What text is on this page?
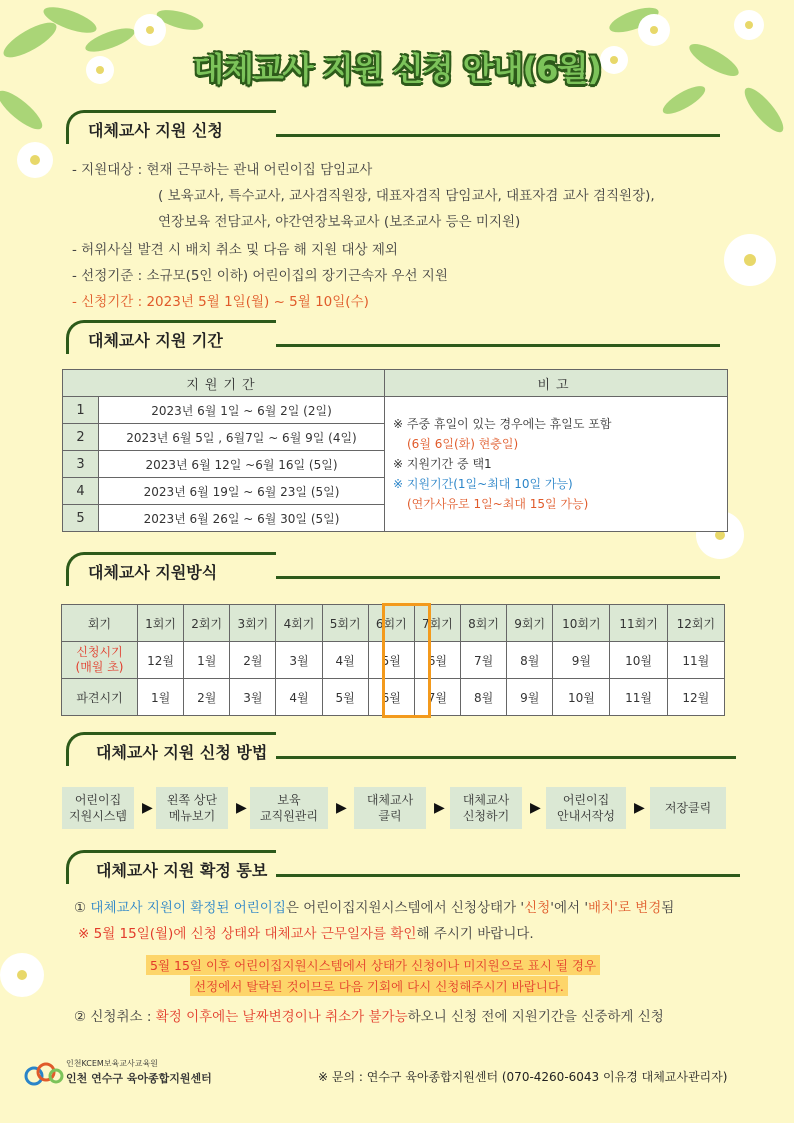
대체교사 지원 신청 안내(6월)
대체교사 지원 신청
- 지원대상 : 현재 근무하는 관내 어린이집 담임교사
( 보육교사, 특수교사, 교사겸직원장, 대표자겸직 담임교사, 대표자겸 교사 겸직원장),
연장보육 전담교사, 야간연장보육교사 (보조교사 등은 미지원)
- 허위사실 발견 시 배치 취소 및 다음 해 지원 대상 제외
- 선정기준 : 소규모(5인 이하) 어린이집의 장기근속자 우선 지원
- 신청기간 : 2023년 5월 1일(월) ~ 5월 10일(수)
대체교사 지원 기간
지원기간		비고
1	2023년 6월 1일 ~ 6월 2일 (2일)	※ 주중 휴일이 있는 경우에는 휴일도 포함
(6월 6일(화) 현충일)
※ 지원기간 중 택1
※ 지원기간(1일~최대 10일 가능)
(연가사유로 1일~최대 15일 가능)

2	2023년 6월 5일 , 6월7일 ~ 6월 9일 (4일)	
3	2023년 6월 12일 ~6월 16일 (5일)	
4	2023년 6월 19일 ~ 6월 23일 (5일)	
5	2023년 6월 26일 ~ 6월 30일 (5일)	
대체교사 지원방식
회기	1회기	2회기	3회기	4회기	5회기	6회기	7회기	8회기	9회기	10회기	11회기	12회기

신청시기
(매월 초)	12월	1월	2월	3월	4월	5월	6월	7월	8월	9월	10월	11월
파견시기	1월	2월	3월	4월	5월	6월	7월	8월	9월	10월	11월	12월
대체교사 지원 신청 방법
어린이집
지원시스템 ▶ 왼쪽 상단
메뉴보기 ▶	보육
교직원관리 ▶ 대체교사
클릭	▶ 대체교사
신청하기 ▶	어린이집
안내서작성 ▶ 저장클릭
대체교사 지원 확정 통보
① 대체교사 지원이 확정된 어린이집은 어린이집지원시스템에서 신청상태가 '신청'에서 '배치'로 변경됨
※ 5월 15일(월)에 신청 상태와 대체교사 근무일자를 확인해 주시기 바랍니다.
5월 15일 이후 어린이집지원시스템에서 상태가 신청이나 미지원으로 표시 될 경우
선정에서 탈락된 것이므로 다음 기회에 다시 신청해주시기 바랍니다.
② 신청취소 : 확정 이후에는 날짜변경이나 취소가 불가능하오니 신청 전에 지원기간을 신중하게 신청
인천KCEM보육교사교육원
인천 연수구 육아종합지원센터	※ 문의 : 연수구 육아종합지원센터 (070-4260-6043 이유경 대체교사관리자)
